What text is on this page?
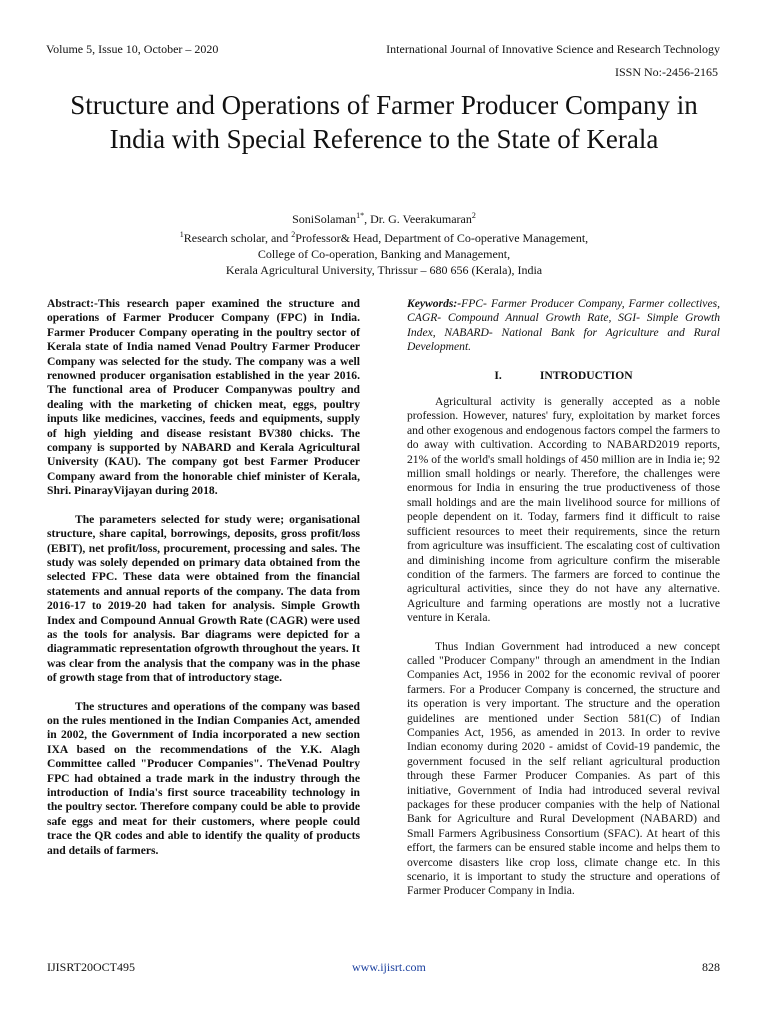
Volume 5, Issue 10, October – 2020	International Journal of Innovative Science and Research Technology
ISSN No:-2456-2165
Structure and Operations of Farmer Producer Company in India with Special Reference to the State of Kerala
SoniSolaman$^{1*}$, Dr. G. Veerakumaran$^2$
$^1$Research scholar, and $^2$Professor& Head, Department of Co-operative Management,
College of Co-operation, Banking and Management,
Kerala Agricultural University, Thrissur – 680 656 (Kerala), India

Abstract:-This research paper examined the structure and operations of Farmer Producer Company (FPC) in India. Farmer Producer Company operating in the poultry sector of Kerala state of India named Venad Poultry Farmer Producer Company was selected for the study. The company was a well renowned producer organisation established in the year 2016. The functional area of Producer Companywas poultry and dealing with the marketing of chicken meat, eggs, poultry inputs like medicines, vaccines, feeds and equipments, supply of high yielding and disease resistant BV380 chicks. The company is supported by NABARD and Kerala Agricultural University (KAU). The company got best Farmer Producer Company award from the honorable chief minister of Kerala, Shri. PinarayVijayan during 2018.

The parameters selected for study were; organisational structure, share capital, borrowings, deposits, gross profit/loss (EBIT), net profit/loss, procurement, processing and sales. The study was solely depended on primary data obtained from the selected FPC. These data were obtained from the financial statements and annual reports of the company. The data from 2016-17 to 2019-20 had taken for analysis. Simple Growth Index and Compound Annual Growth Rate (CAGR) were used as the tools for analysis. Bar diagrams were depicted for a diagrammatic representation ofgrowth throughout the years. It was clear from the analysis that the company was in the phase of growth stage from that of introductory stage.

The structures and operations of the company was based on the rules mentioned in the Indian Companies Act, amended in 2002, the Government of India incorporated a new section IXA based on the recommendations of the Y.K. Alagh Committee called "Producer Companies". TheVenad Poultry FPC had obtained a trade mark in the industry through the introduction of India's first source traceability technology in the poultry sector. Therefore company could be able to provide safe eggs and meat for their customers, where people could trace the QR codes and able to identify the quality of products and details of farmers.

Keywords:-FPC- Farmer Producer Company, Farmer collectives, CAGR- Compound Annual Growth Rate, SGI- Simple Growth Index, NABARD- National Bank for Agriculture and Rural Development.

I.	INTRODUCTION

Agricultural activity is generally accepted as a noble profession. However, natures' fury, exploitation by market forces and other exogenous and endogenous factors compel the farmers to do away with cultivation. According to NABARD2019 reports, 21% of the world's small holdings of 450 million are in India ie; 92 million small holdings or nearly. Therefore, the challenges were enormous for India in ensuring the true productiveness of those small holdings and are the main livelihood source for millions of people dependent on it. Today, farmers find it difficult to raise sufficient resources to meet their requirements, since the return from agriculture was insufficient. The escalating cost of cultivation and diminishing income from agriculture confirm the miserable condition of the farmers. The farmers are forced to continue the agricultural activities, since they do not have any alternative. Agriculture and farming operations are mostly not a lucrative venture in Kerala.

Thus Indian Government had introduced a new concept called "Producer Company" through an amendment in the Indian Companies Act, 1956 in 2002 for the economic revival of poorer farmers. For a Producer Company is concerned, the structure and its operation is very important. The structure and the operation guidelines are mentioned under Section 581(C) of Indian Companies Act, 1956, as amended in 2013. In order to revive Indian economy during 2020 - amidst of Covid-19 pandemic, the government focused in the self reliant agricultural production through these Farmer Producer Companies. As part of this initiative, Government of India had introduced several revival packages for these producer companies with the help of National Bank for Agriculture and Rural Development (NABARD) and Small Farmers Agribusiness Consortium (SFAC). At heart of this effort, the farmers can be ensured stable income and helps them to overcome disasters like crop loss, climate change etc. In this scenario, it is important to study the structure and operations of Farmer Producer Company in India.

IJISRT20OCT495	www.ijisrt.com	828
